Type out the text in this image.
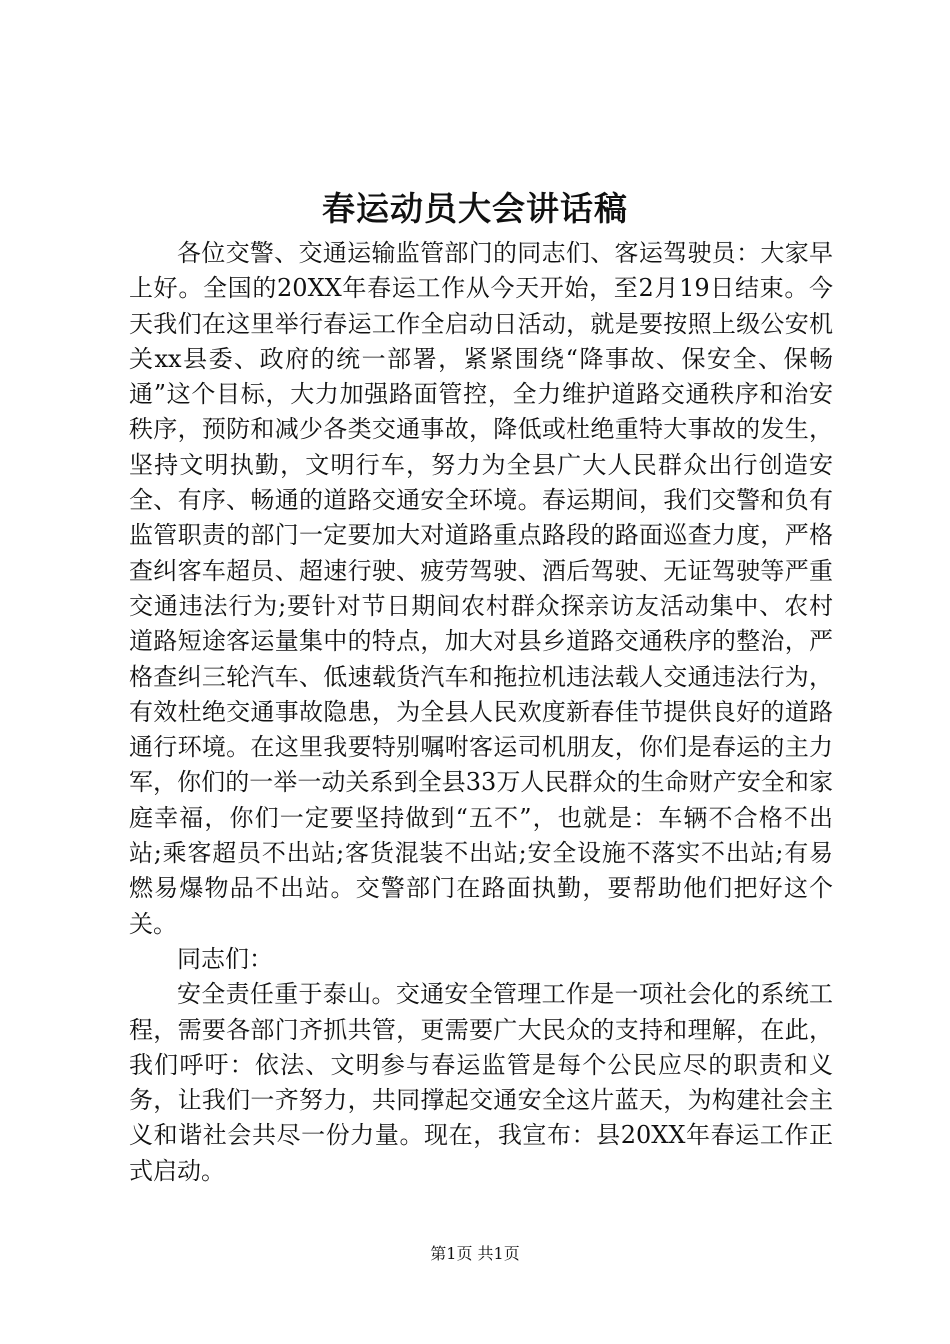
春运动员大会讲话稿

各位交警、交通运输监管部门的同志们、客运驾驶员：大家早上好。全国的20XX年春运工作从今天开始，至2月19日结束。今天我们在这里举行春运工作全启动日活动，就是要按照上级公安机关xx县委、政府的统一部署，紧紧围绕“降事故、保安全、保畅通”这个目标，大力加强路面管控，全力维护道路交通秩序和治安秩序，预防和减少各类交通事故，降低或杜绝重特大事故的发生，坚持文明执勤，文明行车，努力为全县广大人民群众出行创造安全、有序、畅通的道路交通安全环境。春运期间，我们交警和负有监管职责的部门一定要加大对道路重点路段的路面巡查力度，严格查纠客车超员、超速行驶、疲劳驾驶、酒后驾驶、无证驾驶等严重交通违法行为;要针对节日期间农村群众探亲访友活动集中、农村道路短途客运量集中的特点，加大对县乡道路交通秩序的整治，严格查纠三轮汽车、低速载货汽车和拖拉机违法载人交通违法行为，有效杜绝交通事故隐患，为全县人民欢度新春佳节提供良好的道路通行环境。在这里我要特别嘱咐客运司机朋友，你们是春运的主力军，你们的一举一动关系到全县33万人民群众的生命财产安全和家庭幸福，你们一定要坚持做到“五不”，也就是：车辆不合格不出站;乘客超员不出站;客货混装不出站;安全设施不落实不出站;有易燃易爆物品不出站。交警部门在路面执勤，要帮助他们把好这个关。

同志们：

安全责任重于泰山。交通安全管理工作是一项社会化的系统工程，需要各部门齐抓共管，更需要广大民众的支持和理解，在此，我们呼吁：依法、文明参与春运监管是每个公民应尽的职责和义务，让我们一齐努力，共同撑起交通安全这片蓝天，为构建社会主义和谐社会共尽一份力量。现在，我宣布：县20XX年春运工作正式启动。

第1页 共1页
